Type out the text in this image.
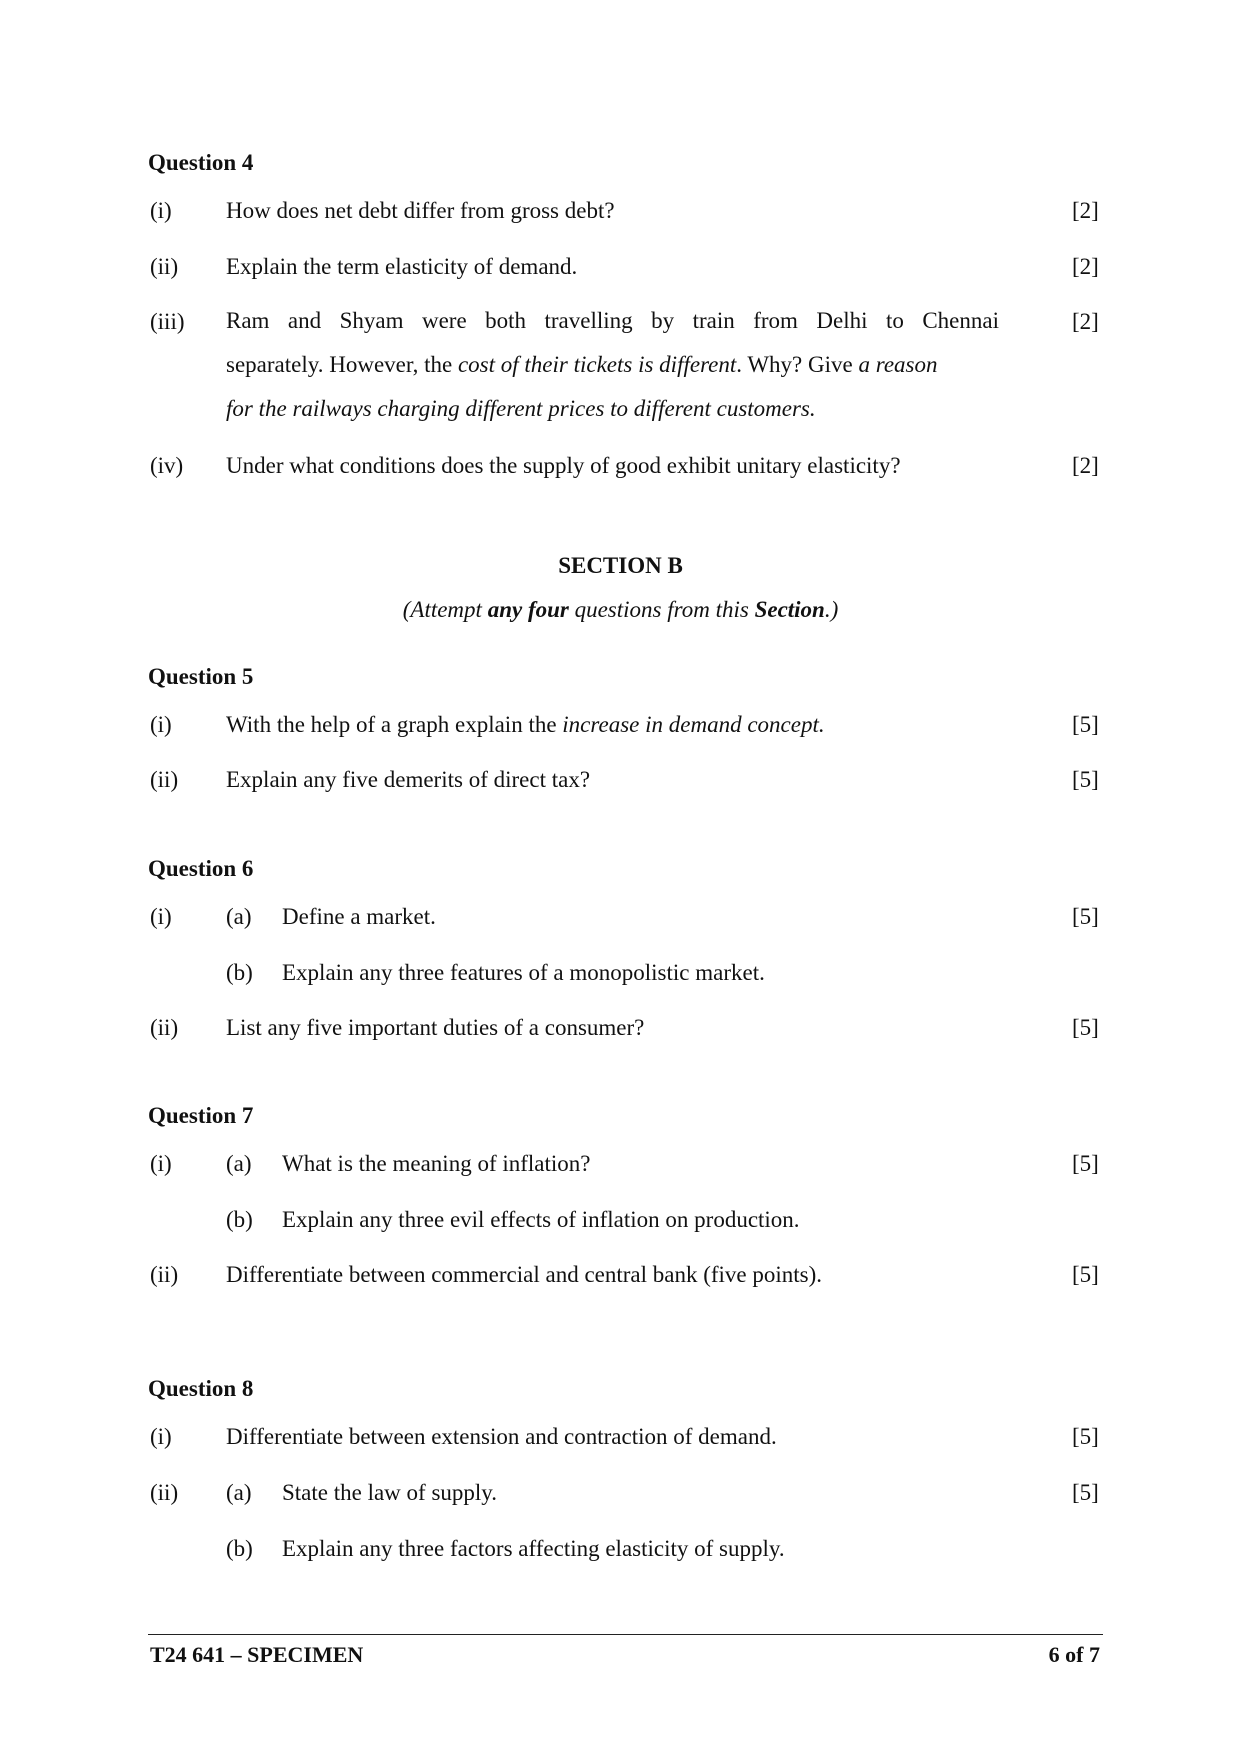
Question 4
(i) How does net debt differ from gross debt?	[2]
(ii) Explain the term elasticity of demand.	[2]
(iii) Ram and Shyam were both travelling by train from Delhi to Chennai
separately. However, the cost of their tickets is different. Why? Give a reason
for the railways charging different prices to different customers.
[2]
(iv) Under what conditions does the supply of good exhibit unitary elasticity?	[2]
SECTION B
(Attempt any four questions from this Section.)
Question 5
(i) With the help of a graph explain the increase in demand concept.	[5]
(ii) Explain any five demerits of direct tax?	[5]
Question 6
(i) (a) Define a market.	[5]
(b) Explain any three features of a monopolistic market.
(ii) List any five important duties of a consumer?	[5]
Question 7
(i) (a) What is the meaning of inflation?	[5]
(b) Explain any three evil effects of inflation on production.
(ii) Differentiate between commercial and central bank (five points).	[5]
Question 8
(i) Differentiate between extension and contraction of demand.	[5]
(ii) (a) State the law of supply.	[5]
(b) Explain any three factors affecting elasticity of supply.
T24 641 – SPECIMEN	6 of 7
